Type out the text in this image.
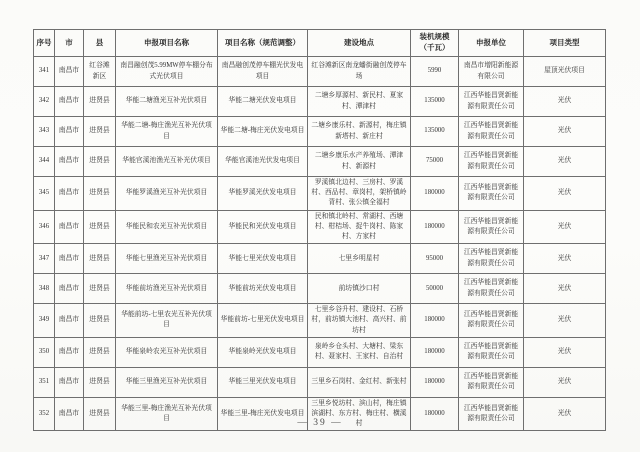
序号	市	县	申报项目名称	项目名称（规范调整）	建设地点	装机规模（千瓦）	申报单位	项目类型
341	南昌市	红谷滩新区	南昌融创茂5.99MW停车棚分布式光伏项目	南昌融创茂停车棚光伏发电项目	红谷滩新区南龙蟠街融创茂停车场	5990	南昌市增阳新能源有限公司	屋顶光伏项目
342	南昌市	进贤县	华能二塘渔光互补光伏项目	华能二塘光伏发电项目	二塘乡厚源村、新民村、夏家村、潭津村	135000	江西华能昌贤新能源有限责任公司	光伏
343	南昌市	进贤县	华能二塘-梅庄渔光互补光伏项目	华能二塘-梅庄光伏发电项目	二塘乡康乐村、新源村，梅庄镇新塔村、新庄村	135000	江西华能昌贤新能源有限责任公司	光伏
344	南昌市	进贤县	华能官溪池渔光互补光伏项目	华能官溪池光伏发电项目	二塘乡康乐水产养殖场、潭津村、新源村	75000	江西华能昌贤新能源有限责任公司	光伏
345	南昌市	进贤县	华能罗溪渔光互补光伏项目	华能罗溪光伏发电项目	罗溪镇北边村、三房村、罗溪村、西品村、章岗村，架桥镇岭背村、张公镇全福村	180000	江西华能昌贤新能源有限责任公司	光伏
346	南昌市	进贤县	华能民和农光互补光伏项目	华能民和光伏发电项目	民和镇北岭村、常湖村、西塘村、柑桔场、捉牛岗村、陈家村、方家村	180000	江西华能昌贤新能源有限责任公司	光伏
347	南昌市	进贤县	华能七里渔光互补光伏项目	华能七里光伏发电项目	七里乡明星村	95000	江西华能昌贤新能源有限责任公司	光伏
348	南昌市	进贤县	华能前坊渔光互补光伏项目	华能前坊光伏发电项目	前坊镇沙口村	50000	江西华能昌贤新能源有限责任公司	光伏
349	南昌市	进贤县	华能前坊-七里农光互补光伏项目	华能前坊-七里光伏发电项目	七里乡谷升村、建设村、石桥村，前坊镇大池村、高兴村、前坊村	180000	江西华能昌贤新能源有限责任公司	光伏
350	南昌市	进贤县	华能泉岭农光互补光伏项目	华能泉岭光伏发电项目	泉岭乡仓头村、大塘村、梁东村、聂家村、王家村、自治村	180000	江西华能昌贤新能源有限责任公司	光伏
351	南昌市	进贤县	华能三里渔光互补光伏项目	华能三里光伏发电项目	三里乡石岗村、金红村、新张村	180000	江西华能昌贤新能源有限责任公司	光伏
352	南昌市	进贤县	华能三里-梅庄渔光互补光伏项目	华能三里-梅庄光伏发电项目	三里乡悦坊村、滨山村，梅庄镇滨湖村、东方村、梅庄村、横溪村	180000	江西华能昌贤新能源有限责任公司	光伏
— 39 —
